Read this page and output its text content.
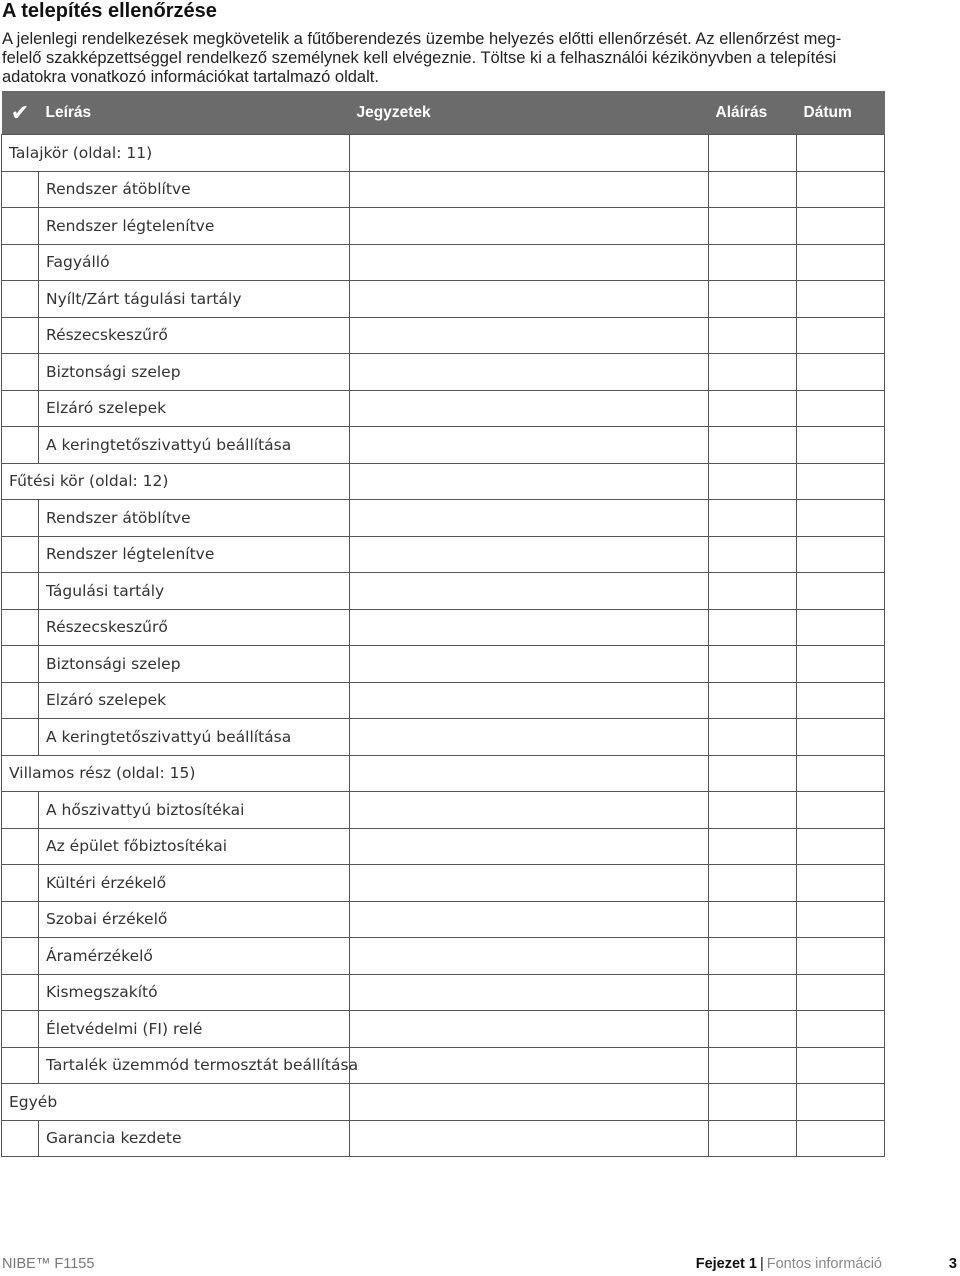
A telepítés ellenőrzése
A jelenlegi rendelkezések megkövetelik a fűtőberendezés üzembe helyezés előtti ellenőrzését. Az ellenőrzést meg-
felelő szakképzettséggel rendelkező személynek kell elvégeznie. Töltse ki a felhasználói kézikönyvben a telepítési
adatokra vonatkozó információkat tartalmazó oldalt.
✔	Leírás	Jegyzetek	Aláírás	Dátum
Talajkör (oldal: 11)				
	Rendszer átöblítve			
	Rendszer légtelenítve			
	Fagyálló			
	Nyílt/Zárt tágulási tartály			
	Részecskeszűrő			
	Biztonsági szelep			
	Elzáró szelepek			
	A keringtetőszivattyú beállítása			
Fűtési kör (oldal: 12)				
	Rendszer átöblítve			
	Rendszer légtelenítve			
	Tágulási tartály			
	Részecskeszűrő			
	Biztonsági szelep			
	Elzáró szelepek			
	A keringtetőszivattyú beállítása			
Villamos rész (oldal: 15)				
	A hőszivattyú biztosítékai			
	Az épület főbiztosítékai			
	Kültéri érzékelő			
	Szobai érzékelő			
	Áramérzékelő			
	Kismegszakító			
	Életvédelmi (FI) relé			
	Tartalék üzemmód termosztát beállítása			
Egyéb				
	Garancia kezdete			
NIBE™ F1155	Fejezet 1 | Fontos információ	3
